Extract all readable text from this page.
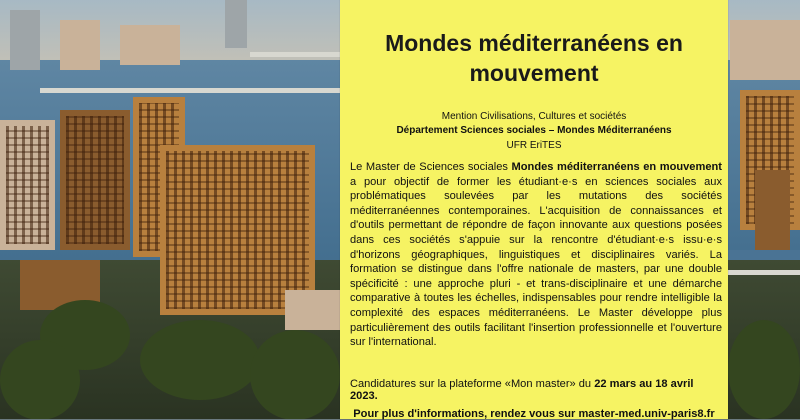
Mondes méditerranéens en
mouvement
Mention Civilisations, Cultures et sociétés
Département Sciences sociales – Mondes Méditerranéens
UFR EriTES
Le Master de Sciences sociales Mondes méditerranéens en mouvement a pour objectif de former les étudiant·e·s en sciences sociales aux problématiques soulevées par les mutations des sociétés méditerranéennes contemporaines. L'acquisition de connaissances et d'outils permettant de répondre de façon innovante aux questions posées dans ces sociétés s'appuie sur la rencontre d'étudiant·e·s issu·e·s d'horizons géographiques, linguistiques et disciplinaires variés. La formation se distingue dans l'offre nationale de masters, par une double spécificité : une approche pluri - et trans-disciplinaire et une démarche comparative à toutes les échelles, indispensables pour rendre intelligible la complexité des espaces méditerranéens. Le Master développe plus particulièrement des outils facilitant l'insertion professionnelle et l'ouverture sur l'international.
Candidatures sur la plateforme «Mon master» du 22 mars au 18 avril 2023.
Pour plus d'informations, rendez vous sur master-med.univ-paris8.fr
